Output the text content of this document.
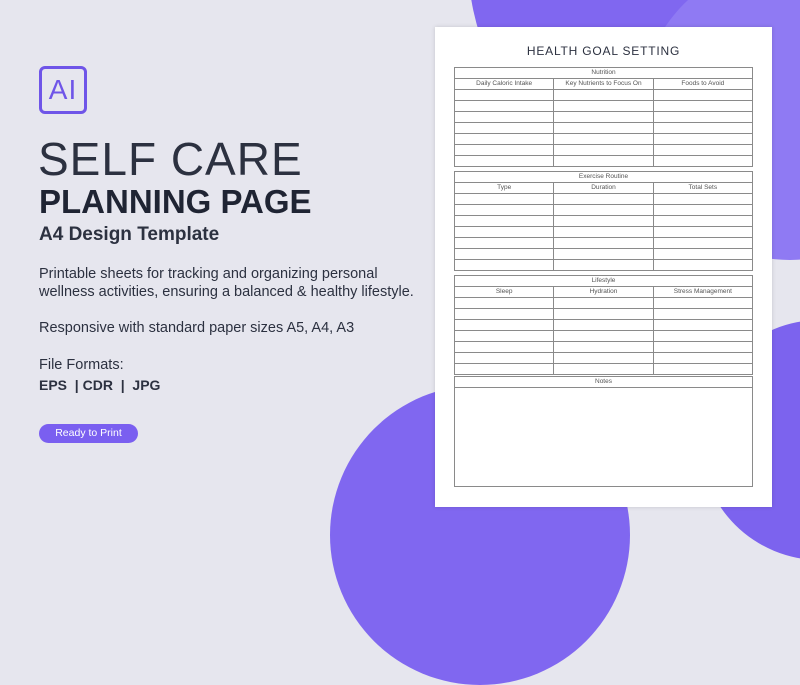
AI
SELF CARE
PLANNING PAGE
A4 Design Template
Printable sheets for tracking and organizing personal wellness activities, ensuring a balanced & healthy lifestyle.
Responsive with standard paper sizes A5, A4, A3
File Formats:
EPS  | CDR  |  JPG
Ready to Print
HEALTH GOAL SETTING
Nutrition
Daily Caloric Intake	Key Nutrients to Focus On	Foods to Avoid
Exercise Routine
Type	Duration	Total Sets
Lifestyle
Sleep	Hydration	Stress Management
Notes
